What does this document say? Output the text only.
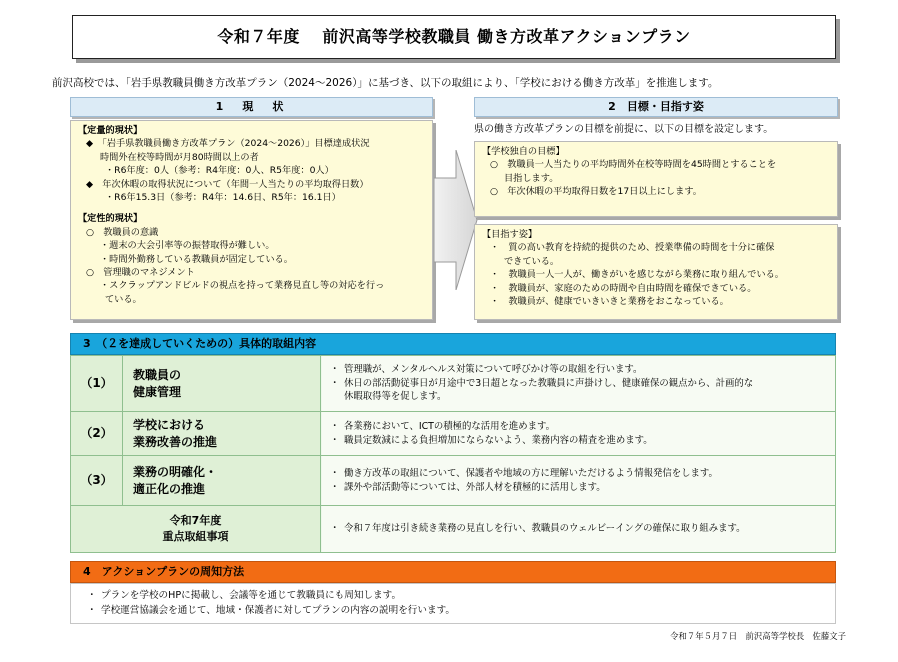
令和７年度　 前沢高等学校教職員 働き方改革アクションプラン
前沢高校では、「岩手県教職員働き方改革プラン（2024～2026）」に基づき、以下の取組により、「学校における働き方改革」を推進します。
1　現　状
【定量的現状】
◆　 「岩手県教職員働き方改革プラン（2024～2026）」目標達成状況
時間外在校等時間が月80時間以上の者
・R6年度：0人（参考：R4年度：0人、R5年度：0人）
◆　 年次休暇の取得状況について（年間一人当たりの平均取得日数）
・R6年15.3日（参考：R4年：14.6日、R5年：16.1日）
【定性的現状】
○　 教職員の意識
・週末の大会引率等の振替取得が難しい。
・時間外勤務している教職員が固定している。
○　 管理職のマネジメント
・スクラップアンドビルドの視点を持って業務見直し等の対応を行っ
ている。
2　目標・目指す姿
県の働き方改革プランの目標を前提に、以下の目標を設定します。
【学校独自の目標】
○　 教職員一人当たりの平均時間外在校等時間を45時間とすることを
目指します。
○　 年次休暇の平均取得日数を17日以上にします。
【目指す姿】
・　 質の高い教育を持続的提供のため、授業準備の時間を十分に確保
できている。
・　 教職員一人一人が、働きがいを感じながら業務に取り組んでいる。
・　 教職員が、家庭のための時間や自由時間を確保できている。
・　 教職員が、健康でいきいきと業務をおこなっている。
3　（２を達成していくための）具体的取組内容
（1）
教職員の
健康管理
・ 管理職が、メンタルヘルス対策について呼びかけ等の取組を行います。
・ 休日の部活動従事日が月途中で3日超となった教職員に声掛けし、健康確保の観点から、計画的な
休暇取得等を促します。
（2）
学校における
業務改善の推進
・ 各業務において、ICTの積極的な活用を進めます。
・ 職員定数減による負担増加にならないよう、業務内容の精査を進めます。
（3）
業務の明確化・
適正化の推進
・ 働き方改革の取組について、保護者や地域の方に理解いただけるよう情報発信をします。
・ 課外や部活動等については、外部人材を積極的に活用します。
令和7年度
重点取組事項
・ 令和７年度は引き続き業務の見直しを行い、教職員のウェルビーイングの確保に取り組みます。
4　アクションプランの周知方法
・ プランを学校のHPに掲載し、会議等を通じて教職員にも周知します。
・ 学校運営協議会を通じて、地域・保護者に対してプランの内容の説明を行います。
令和７年５月７日　前沢高等学校長　佐藤文子
